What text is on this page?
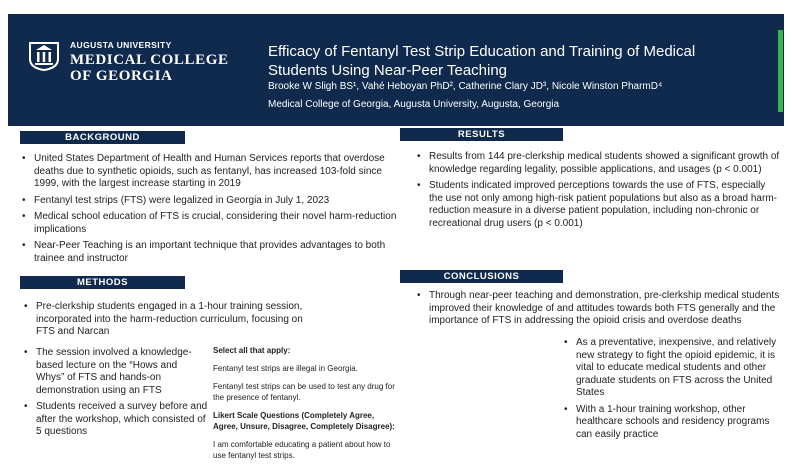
AUGUSTA UNIVERSITY
MEDICAL COLLEGE
OF GEORGIA
Efficacy of Fentanyl Test Strip Education and Training of Medical Students Using Near-Peer Teaching
Brooke W Sligh BS¹, Vahé Heboyan PhD², Catherine Clary JD³, Nicole Winston PharmD⁴
Medical College of Georgia, Augusta University, Augusta, Georgia
BACKGROUND
• United States Department of Health and Human Services reports that overdose deaths due to synthetic opioids, such as fentanyl, has increased 103-fold since 1999, with the largest increase starting in 2019
• Fentanyl test strips (FTS) were legalized in Georgia in July 1, 2023
• Medical school education of FTS is crucial, considering their novel harm-reduction implications
• Near-Peer Teaching is an important technique that provides advantages to both trainee and instructor
METHODS
• Pre-clerkship students engaged in a 1-hour training session, incorporated into the harm-reduction curriculum, focusing on FTS and Narcan
• The session involved a knowledge-based lecture on the “Hows and Whys” of FTS and hands-on demonstration using an FTS
• Students received a survey before and after the workshop, which consisted of 5 questions

Select all that apply:

Fentanyl test strips are illegal in Georgia.

Fentanyl test strips can be used to test any drug for the presence of fentanyl.

Likert Scale Questions (Completely Agree, Agree, Unsure, Disagree, Completely Disagree):

I am comfortable educating a patient about how to use fentanyl test strips.

RESULTS
• Results from 144 pre-clerkship medical students showed a significant growth of knowledge regarding legality, possible applications, and usages (p < 0.001)
• Students indicated improved perceptions towards the use of FTS, especially the use not only among high-risk patient populations but also as a broad harm-reduction measure in a diverse patient population, including non-chronic or recreational drug users (p < 0.001)
CONCLUSIONS
• Through near-peer teaching and demonstration, pre-clerkship medical students improved their knowledge of and attitudes towards both FTS generally and the importance of FTS in addressing the opioid crisis and overdose deaths
• As a preventative, inexpensive, and relatively new strategy to fight the opioid epidemic, it is vital to educate medical students and other graduate students on FTS across the United States
• With a 1-hour training workshop, other healthcare schools and residency programs can easily practice
